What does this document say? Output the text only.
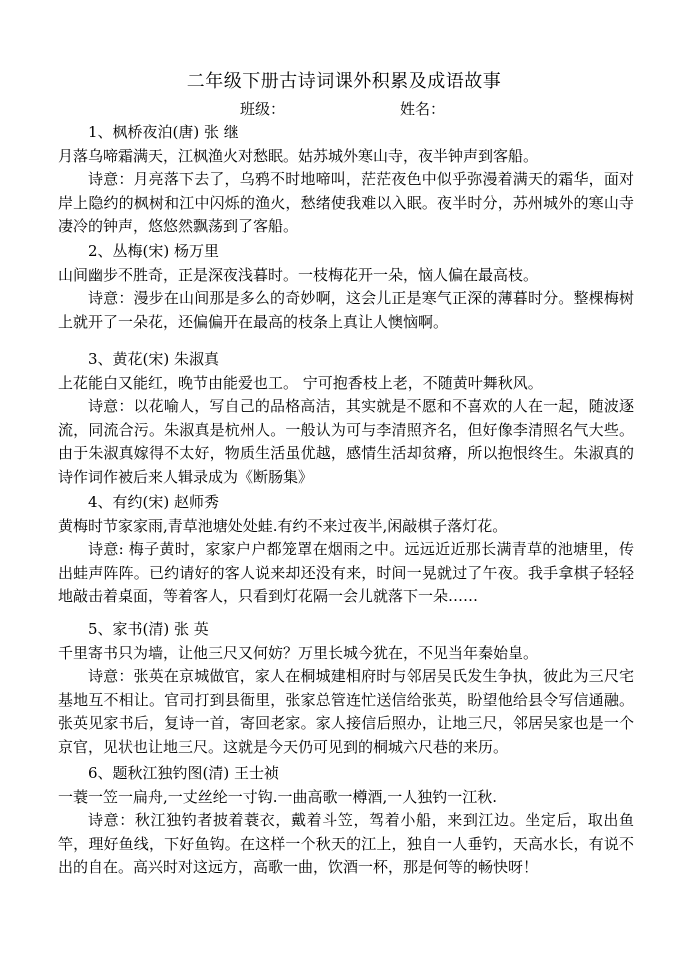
二年级下册古诗词课外积累及成语故事
班级：	姓名：
1、枫桥夜泊(唐) 张 继
月落乌啼霜满天，江枫渔火对愁眠。姑苏城外寒山寺，夜半钟声到客船。
诗意：月亮落下去了，乌鸦不时地啼叫，茫茫夜色中似乎弥漫着满天的霜华，面对岸上隐约的枫树和江中闪烁的渔火，愁绪使我难以入眠。夜半时分，苏州城外的寒山寺凄冷的钟声，悠悠然飘荡到了客船。
2、丛梅(宋) 杨万里
山间幽步不胜奇，正是深夜浅暮时。一枝梅花开一朵，恼人偏在最高枝。
诗意：漫步在山间那是多么的奇妙啊，这会儿正是寒气正深的薄暮时分。整棵梅树上就开了一朵花，还偏偏开在最高的枝条上真让人懊恼啊。
3、黄花(宋) 朱淑真
上花能白又能红，晚节由能爱也工。 宁可抱香枝上老，不随黄叶舞秋风。
诗意：以花喻人，写自己的品格高洁，其实就是不愿和不喜欢的人在一起，随波逐流，同流合污。朱淑真是杭州人。一般认为可与李清照齐名，但好像李清照名气大些。由于朱淑真嫁得不太好，物质生活虽优越，感情生活却贫瘠，所以抱恨终生。朱淑真的诗作词作被后来人辑录成为《断肠集》
4、有约(宋) 赵师秀
黄梅时节家家雨,青草池塘处处蛙.有约不来过夜半,闲敲棋子落灯花。
诗意: 梅子黄时，家家户户都笼罩在烟雨之中。远远近近那长满青草的池塘里，传出蛙声阵阵。已约请好的客人说来却还没有来，时间一晃就过了午夜。我手拿棋子轻轻地敲击着桌面，等着客人，只看到灯花隔一会儿就落下一朵……
5、家书(清) 张 英
千里寄书只为墙，让他三尺又何妨？万里长城今犹在，不见当年秦始皇。
诗意：张英在京城做官，家人在桐城建相府时与邻居吴氏发生争执，彼此为三尺宅基地互不相让。官司打到县衙里，张家总管连忙送信给张英，盼望他给县令写信通融。张英见家书后，复诗一首，寄回老家。家人接信后照办，让地三尺，邻居吴家也是一个京官，见状也让地三尺。这就是今天仍可见到的桐城六尺巷的来历。
6、题秋江独钓图(清) 王士祯
一蓑一笠一扁舟,一丈丝纶一寸钩.一曲高歌一樽酒,一人独钓一江秋.
诗意：秋江独钓者披着蓑衣，戴着斗笠，驾着小船，来到江边。坐定后，取出鱼竿，理好鱼线，下好鱼钩。在这样一个秋天的江上，独自一人垂钓，天高水长，有说不出的自在。高兴时对这远方，高歌一曲，饮酒一杯，那是何等的畅快呀！
